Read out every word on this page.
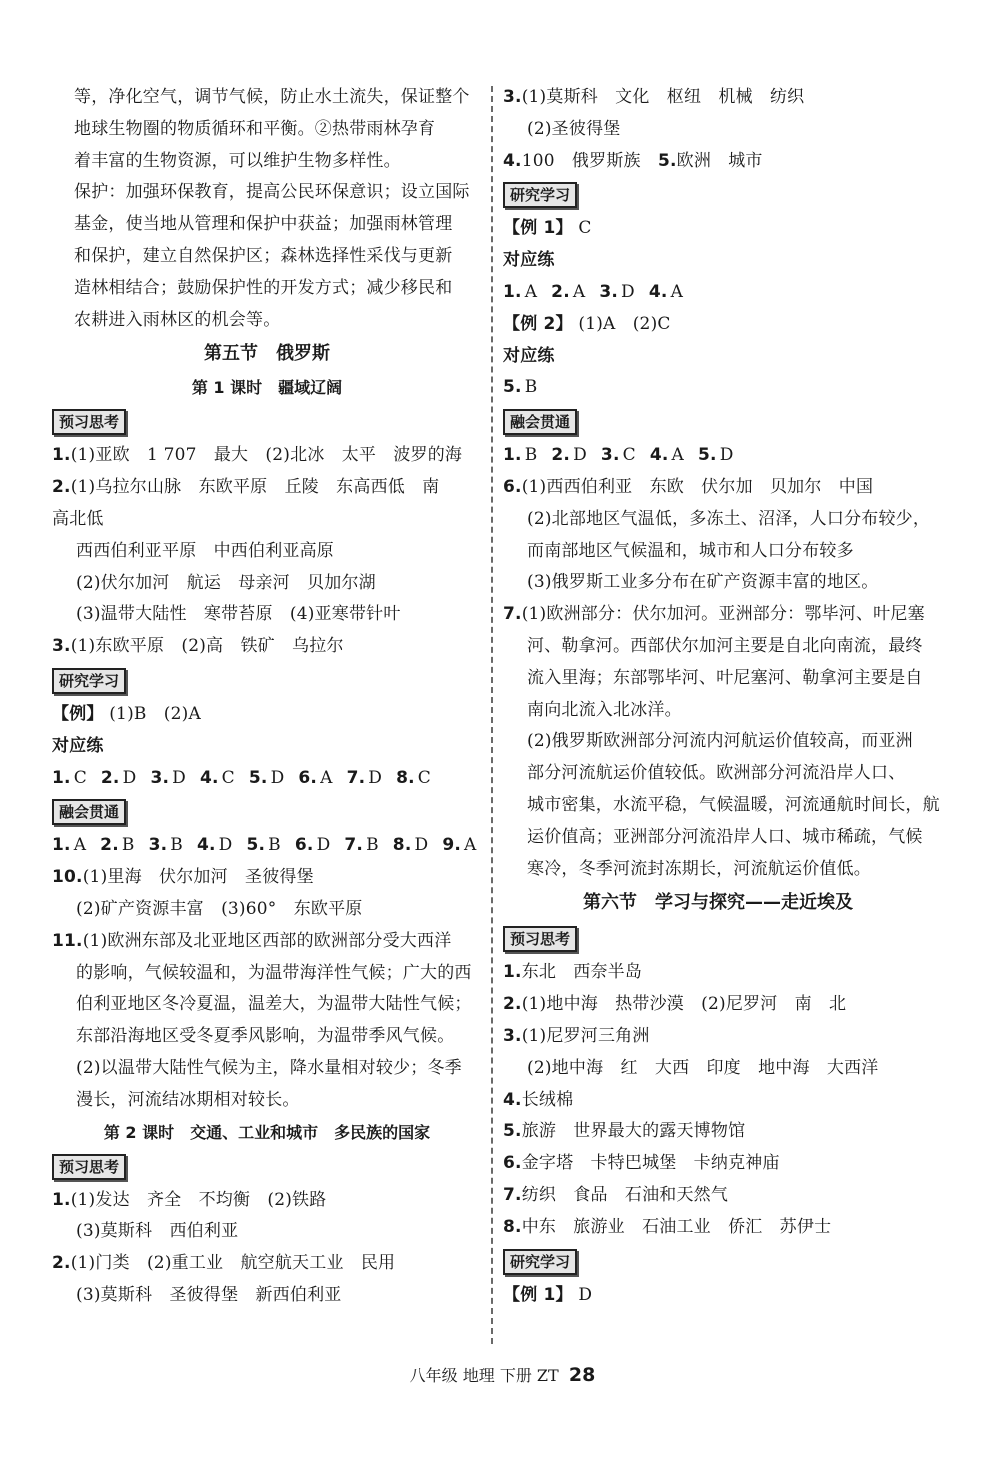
等，净化空气，调节气候，防止水土流失，保证整个
地球生物圈的物质循环和平衡。②热带雨林孕育
着丰富的生物资源，可以维护生物多样性。
保护：加强环保教育，提高公民环保意识；设立国际
基金，使当地从管理和保护中获益；加强雨林管理
和保护，建立自然保护区；森林选择性采伐与更新
造林相结合；鼓励保护性的开发方式；减少移民和
农耕进入雨林区的机会等。
第五节　俄罗斯
第 1 课时　疆域辽阔
预习思考
1.(1)亚欧　1 707　最大　(2)北冰　太平　波罗的海
2.(1)乌拉尔山脉　东欧平原　丘陵　东高西低　南
高北低
西西伯利亚平原　中西伯利亚高原
(2)伏尔加河　航运　母亲河　贝加尔湖
(3)温带大陆性　寒带苔原　(4)亚寒带针叶
3.(1)东欧平原　(2)高　铁矿　乌拉尔
研究学习
【例】 (1)B　(2)A
对应练
1. C 2. D 3. D 4. C 5. D 6. A 7. D 8. C
融会贯通
1. A 2. B 3. B 4. D 5. B 6. D 7. B 8. D 9. A
10.(1)里海　伏尔加河　圣彼得堡
(2)矿产资源丰富　(3)60°　东欧平原
11.(1)欧洲东部及北亚地区西部的欧洲部分受大西洋
的影响，气候较温和，为温带海洋性气候；广大的西
伯利亚地区冬冷夏温，温差大，为温带大陆性气候；
东部沿海地区受冬夏季风影响，为温带季风气候。
(2)以温带大陆性气候为主，降水量相对较少；冬季
漫长，河流结冰期相对较长。
第 2 课时　交通、工业和城市　多民族的国家
预习思考
1.(1)发达　齐全　不均衡　(2)铁路
(3)莫斯科　西伯利亚
2.(1)门类　(2)重工业　航空航天工业　民用
(3)莫斯科　圣彼得堡　新西伯利亚
3.(1)莫斯科　文化　枢纽　机械　纺织
(2)圣彼得堡
4.100　俄罗斯族　5.欧洲　城市
研究学习
【例 1】 C
对应练
1. A 2. A 3. D 4. A
【例 2】 (1)A　(2)C
对应练
5. B
融会贯通
1. B 2. D 3. C 4. A 5. D
6.(1)西西伯利亚　东欧　伏尔加　贝加尔　中国
(2)北部地区气温低，多冻土、沼泽，人口分布较少，
而南部地区气候温和，城市和人口分布较多
(3)俄罗斯工业多分布在矿产资源丰富的地区。
7.(1)欧洲部分：伏尔加河。亚洲部分：鄂毕河、叶尼塞
河、勒拿河。西部伏尔加河主要是自北向南流，最终
流入里海；东部鄂毕河、叶尼塞河、勒拿河主要是自
南向北流入北冰洋。
(2)俄罗斯欧洲部分河流内河航运价值较高，而亚洲
部分河流航运价值较低。欧洲部分河流沿岸人口、
城市密集，水流平稳，气候温暖，河流通航时间长，航
运价值高；亚洲部分河流沿岸人口、城市稀疏，气候
寒冷，冬季河流封冻期长，河流航运价值低。
第六节　学习与探究——走近埃及
预习思考
1.东北　西奈半岛
2.(1)地中海　热带沙漠　(2)尼罗河　南　北
3.(1)尼罗河三角洲
(2)地中海　红　大西　印度　地中海　大西洋
4.长绒棉
5.旅游　世界最大的露天博物馆
6.金字塔　卡特巴城堡　卡纳克神庙
7.纺织　食品　石油和天然气
8.中东　旅游业　石油工业　侨汇　苏伊士
研究学习
【例 1】 D
八年级 地理 下册 ZT 28
